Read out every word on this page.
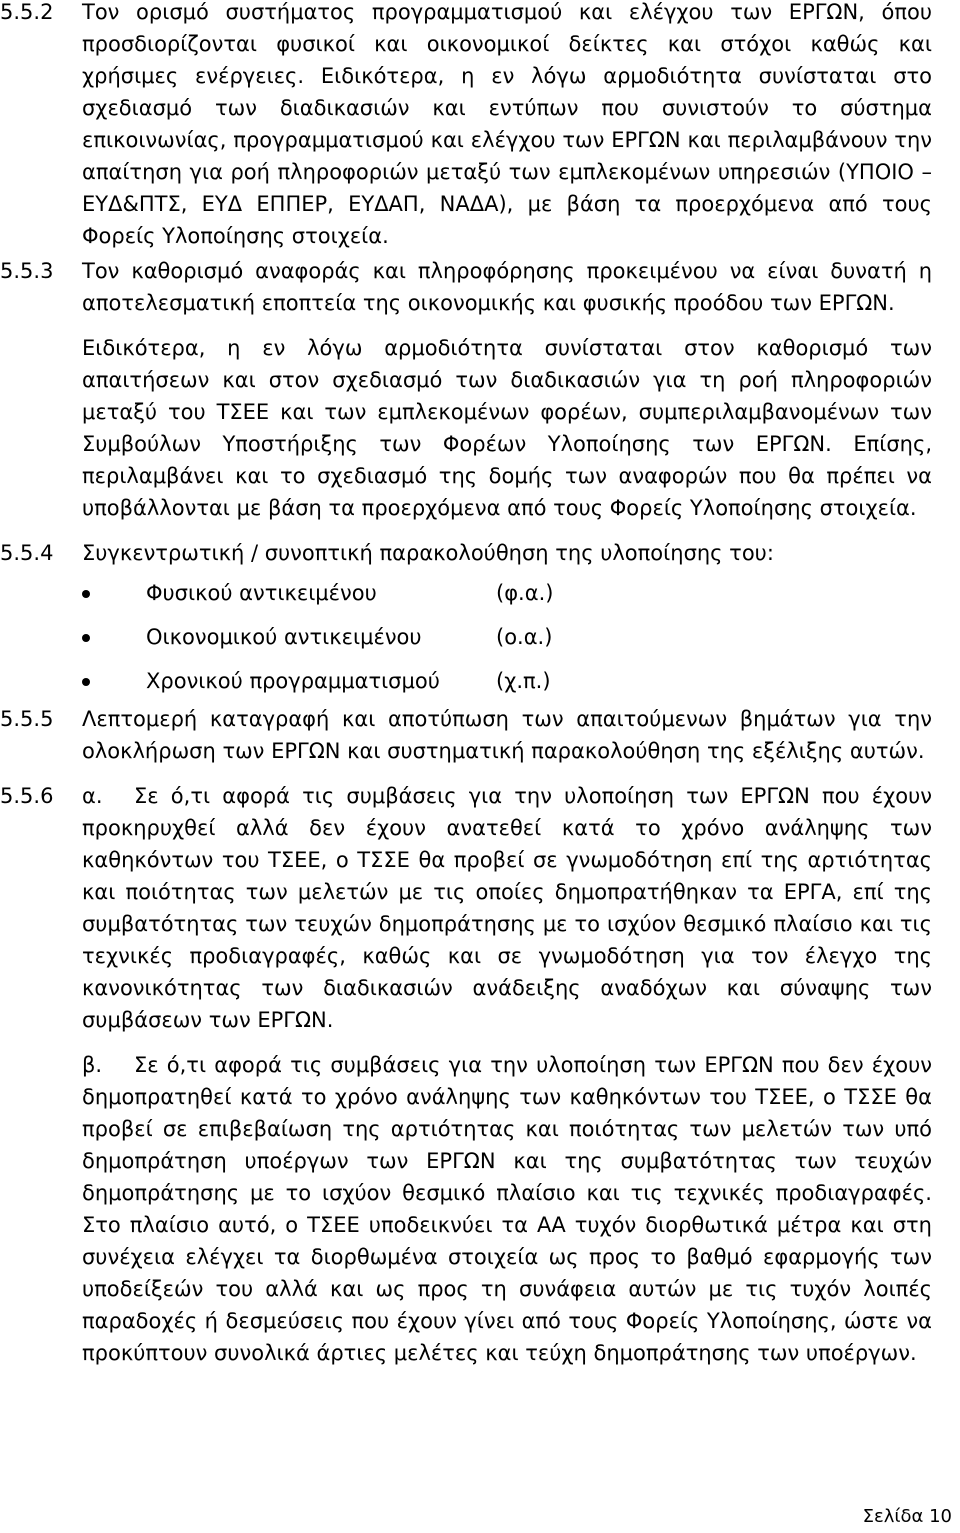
5.5.2 Τον ορισμό συστήματος προγραμματισμού και ελέγχου των ΕΡΓΩΝ, όπου προσδιορίζονται φυσικοί και οικονομικοί δείκτες και στόχοι καθώς και χρήσιμες ενέργειες. Ειδικότερα, η εν λόγω αρμοδιότητα συνίσταται στο σχεδιασμό των διαδικασιών και εντύπων που συνιστούν το σύστημα επικοινωνίας, προγραμματισμού και ελέγχου των ΕΡΓΩΝ και περιλαμβάνουν την απαίτηση για ροή πληροφοριών μεταξύ των εμπλεκομένων υπηρεσιών (ΥΠΟΙΟ – ΕΥΔ&ΠΤΣ, ΕΥΔ ΕΠΠΕΡ, ΕΥΔΑΠ, ΝΑΔΑ), με βάση τα προερχόμενα από τους Φορείς Υλοποίησης στοιχεία.

5.5.3 Τον καθορισμό αναφοράς και πληροφόρησης προκειμένου να είναι δυνατή η αποτελεσματική εποπτεία της οικονομικής και φυσικής προόδου των ΕΡΓΩΝ.

Ειδικότερα, η εν λόγω αρμοδιότητα συνίσταται στον καθορισμό των απαιτήσεων και στον σχεδιασμό των διαδικασιών για τη ροή πληροφοριών μεταξύ του ΤΣΕΕ και των εμπλεκομένων φορέων, συμπεριλαμβανομένων των Συμβούλων Υποστήριξης των Φορέων Υλοποίησης των ΕΡΓΩΝ. Επίσης, περιλαμβάνει και το σχεδιασμό της δομής των αναφορών που θα πρέπει να υποβάλλονται με βάση τα προερχόμενα από τους Φορείς Υλοποίησης στοιχεία.

5.5.4 Συγκεντρωτική / συνοπτική παρακολούθηση της υλοποίησης του:

Φυσικού αντικειμένου	(φ.α.)
Οικονομικού αντικειμένου	(ο.α.)
Χρονικού προγραμματισμού	(χ.π.)
5.5.5 Λεπτομερή καταγραφή και αποτύπωση των απαιτούμενων βημάτων για την ολοκλήρωση των ΕΡΓΩΝ και συστηματική παρακολούθηση της εξέλιξης αυτών.

5.5.6 α. Σε ό,τι αφορά τις συμβάσεις για την υλοποίηση των ΕΡΓΩΝ που έχουν προκηρυχθεί αλλά δεν έχουν ανατεθεί κατά το χρόνο ανάληψης των καθηκόντων του ΤΣΕΕ, ο ΤΣΣΕ θα προβεί σε γνωμοδότηση επί της αρτιότητας και ποιότητας των μελετών με τις οποίες δημοπρατήθηκαν τα ΕΡΓΑ, επί της συμβατότητας των τευχών δημοπράτησης με το ισχύον θεσμικό πλαίσιο και τις τεχνικές προδιαγραφές, καθώς και σε γνωμοδότηση για τον έλεγχο της κανονικότητας των διαδικασιών ανάδειξης αναδόχων και σύναψης των συμβάσεων των ΕΡΓΩΝ.

β. Σε ό,τι αφορά τις συμβάσεις για την υλοποίηση των ΕΡΓΩΝ που δεν έχουν δημοπρατηθεί κατά το χρόνο ανάληψης των καθηκόντων του ΤΣΕΕ, ο ΤΣΣΕ θα προβεί σε επιβεβαίωση της αρτιότητας και ποιότητας των μελετών των υπό δημοπράτηση υποέργων των ΕΡΓΩΝ και της συμβατότητας των τευχών δημοπράτησης με το ισχύον θεσμικό πλαίσιο και τις τεχνικές προδιαγραφές. Στο πλαίσιο αυτό, ο ΤΣΕΕ υποδεικνύει τα ΑΑ τυχόν διορθωτικά μέτρα και στη συνέχεια ελέγχει τα διορθωμένα στοιχεία ως προς το βαθμό εφαρμογής των υποδείξεών του αλλά και ως προς τη συνάφεια αυτών με τις τυχόν λοιπές παραδοχές ή δεσμεύσεις που έχουν γίνει από τους Φορείς Υλοποίησης, ώστε να προκύπτουν συνολικά άρτιες μελέτες και τεύχη δημοπράτησης των υποέργων.

Σελίδα 10
